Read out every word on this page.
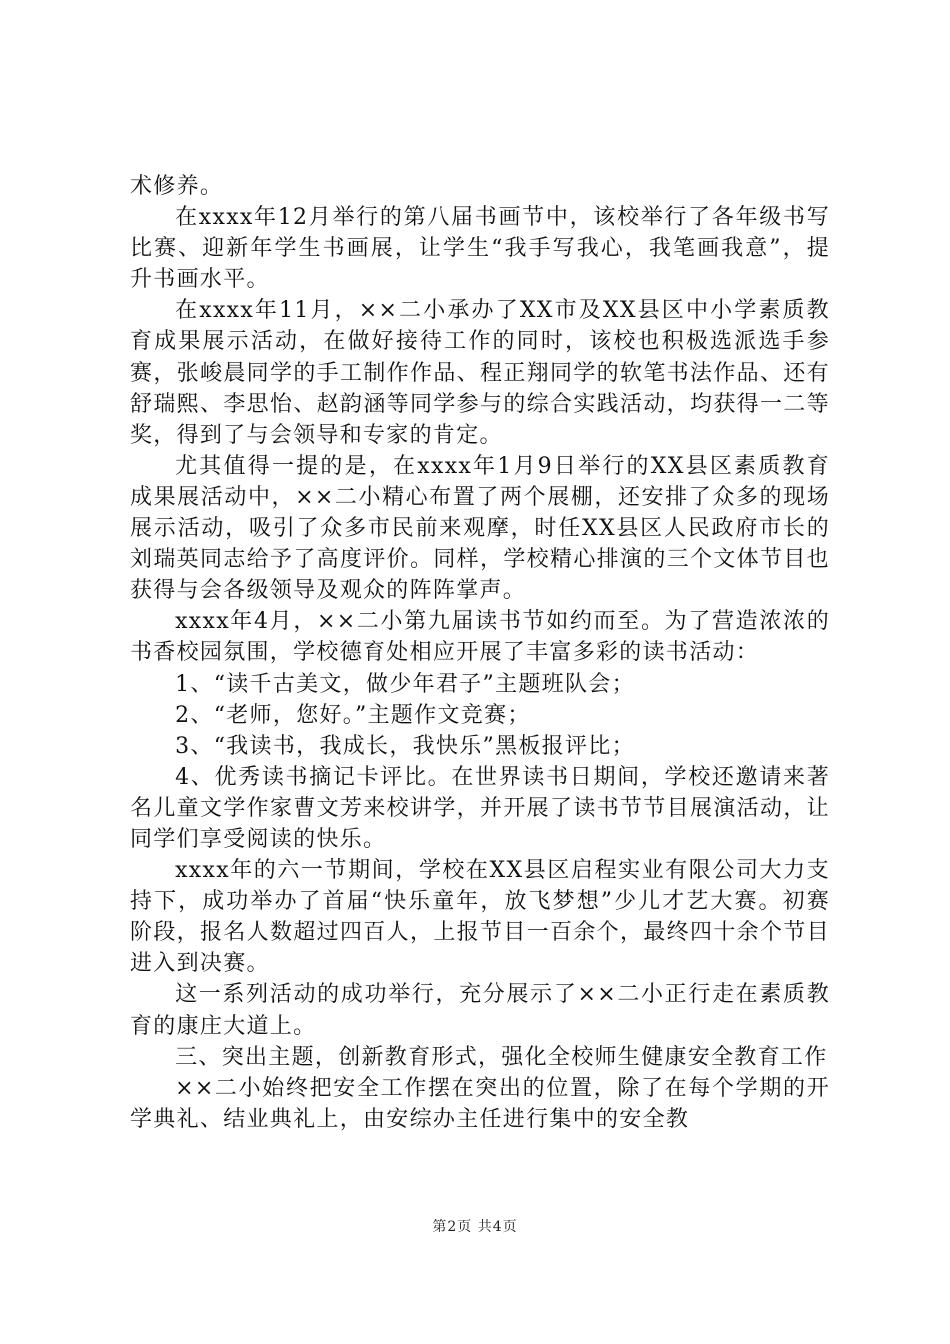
术修养。

在xxxx年12月举行的第八届书画节中，该校举行了各年级书写比赛、迎新年学生书画展，让学生“我手写我心，我笔画我意”，提升书画水平。

在xxxx年11月，××二小承办了XX市及XX县区中小学素质教育成果展示活动，在做好接待工作的同时，该校也积极选派选手参赛，张峻晨同学的手工制作作品、程正翔同学的软笔书法作品、还有舒瑞熙、李思怡、赵韵涵等同学参与的综合实践活动，均获得一二等奖，得到了与会领导和专家的肯定。

尤其值得一提的是，在xxxx年1月9日举行的XX县区素质教育成果展活动中，××二小精心布置了两个展棚，还安排了众多的现场展示活动，吸引了众多市民前来观摩，时任XX县区人民政府市长的刘瑞英同志给予了高度评价。同样，学校精心排演的三个文体节目也获得与会各级领导及观众的阵阵掌声。

xxxx年4月，××二小第九届读书节如约而至。为了营造浓浓的书香校园氛围，学校德育处相应开展了丰富多彩的读书活动：

1、“读千古美文，做少年君子”主题班队会；

2、“老师，您好。”主题作文竞赛；

3、“我读书，我成长，我快乐”黑板报评比；

4、优秀读书摘记卡评比。在世界读书日期间，学校还邀请来著名儿童文学作家曹文芳来校讲学，并开展了读书节节目展演活动，让同学们享受阅读的快乐。

xxxx年的六一节期间，学校在XX县区启程实业有限公司大力支持下，成功举办了首届“快乐童年，放飞梦想”少儿才艺大赛。初赛阶段，报名人数超过四百人，上报节目一百余个，最终四十余个节目进入到决赛。

这一系列活动的成功举行，充分展示了××二小正行走在素质教育的康庄大道上。

三、突出主题，创新教育形式，强化全校师生健康安全教育工作

××二小始终把安全工作摆在突出的位置，除了在每个学期的开学典礼、结业典礼上，由安综办主任进行集中的安全教

第2页 共4页
